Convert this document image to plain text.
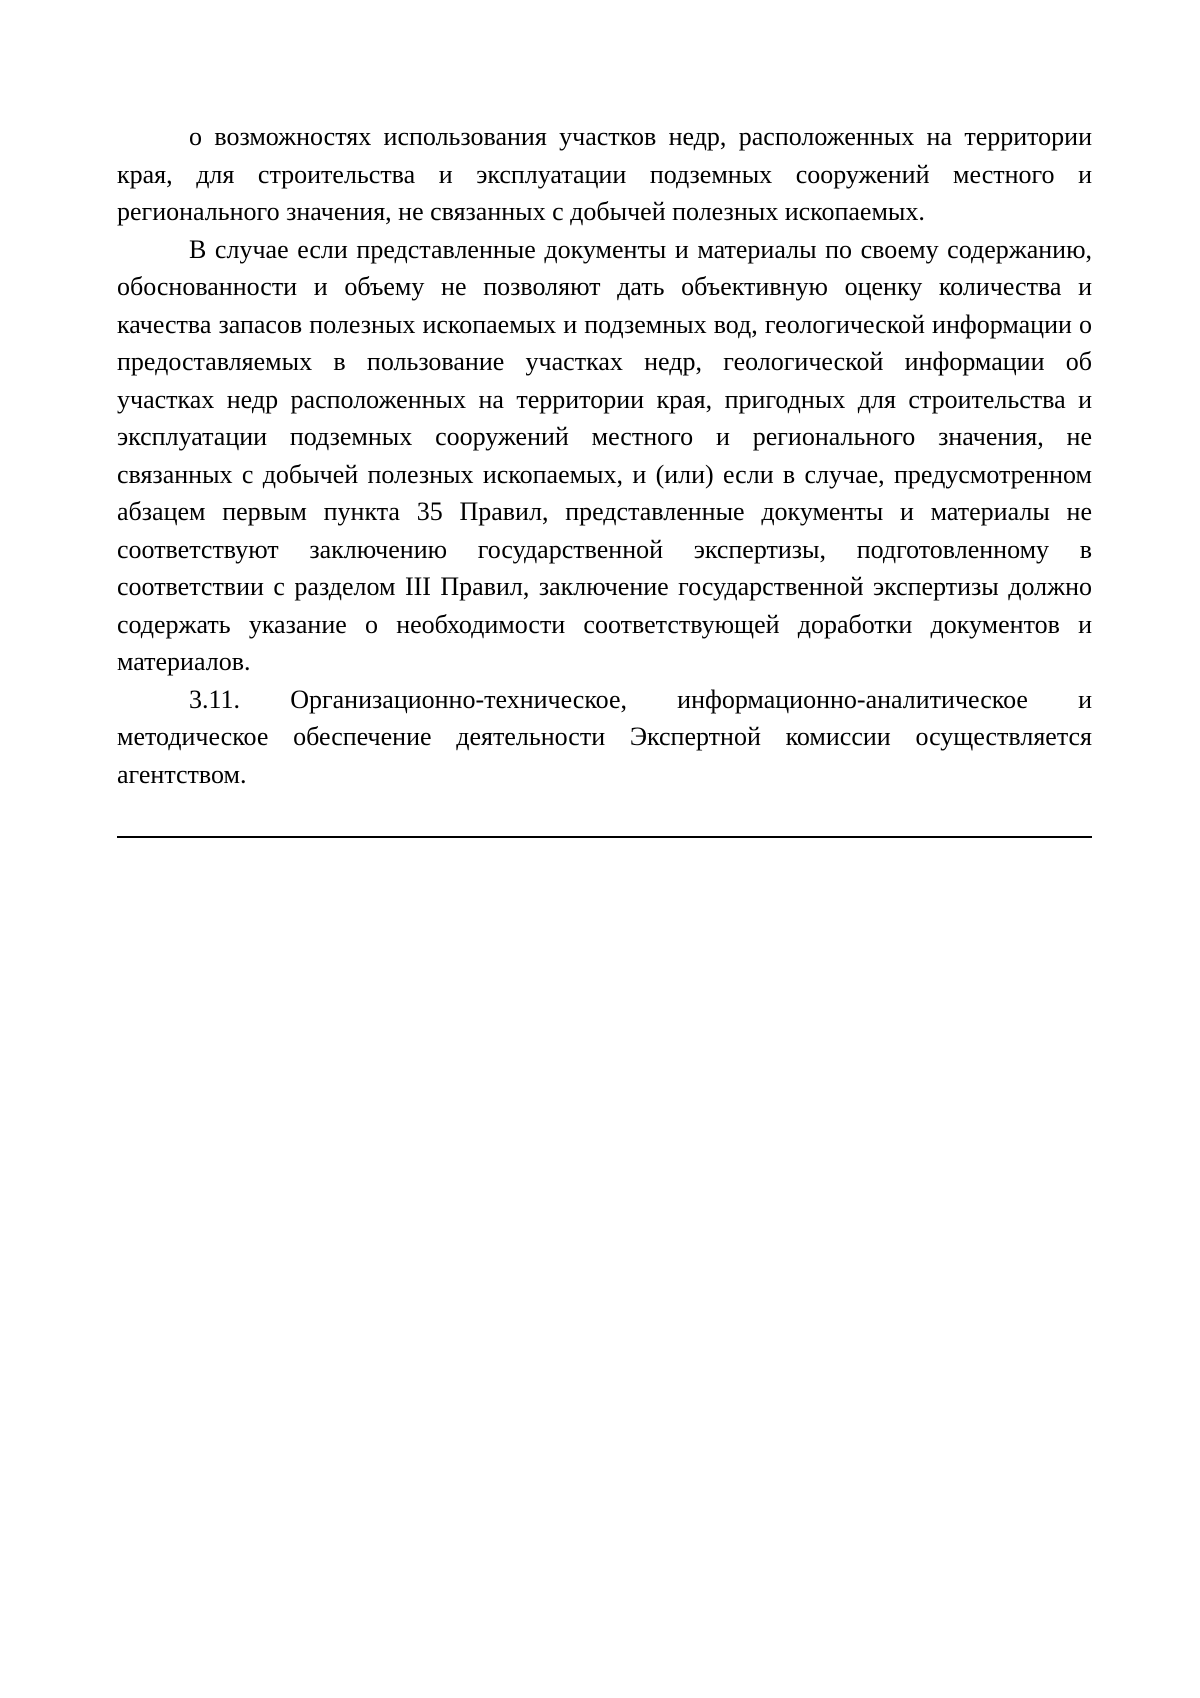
о возможностях использования участков недр, расположенных на территории края, для строительства и эксплуатации подземных сооружений местного и регионального значения, не связанных с добычей полезных ископаемых.

В случае если представленные документы и материалы по своему содержанию, обоснованности и объему не позволяют дать объективную оценку количества и качества запасов полезных ископаемых и подземных вод, геологической информации о предоставляемых в пользование участках недр, геологической информации об участках недр расположенных на территории края, пригодных для строительства и эксплуатации подземных сооружений местного и регионального значения, не связанных с добычей полезных ископаемых, и (или) если в случае, предусмотренном абзацем первым пункта 35 Правил, представленные документы и материалы не соответствуют заключению государственной экспертизы, подготовленному в соответствии с разделом III Правил, заключение государственной экспертизы должно содержать указание о необходимости соответствующей доработки документов и материалов.

3.11. Организационно-техническое, информационно-аналитическое и методическое обеспечение деятельности Экспертной комиссии осуществляется агентством.
